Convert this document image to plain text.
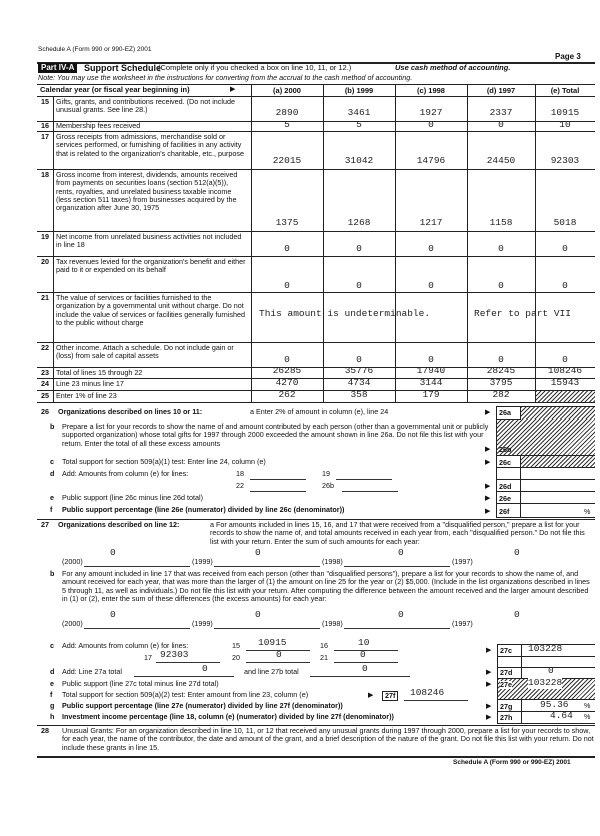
Schedule A (Form 990 or 990-EZ) 2001
Page 3
Part IV-A	Support Schedule
(Complete only if you checked a box on line 10, 11, or 12.)	Use cash method of accounting.
Note: You may use the worksheet in the instructions for converting from the accrual to the cash method of accounting.
Calendar year (or fiscal year beginning in)	▶	(a) 2000	(b) 1999	(c) 1998	(d) 1997	(e) Total
15 Gifts, grants, and contributions received. (Do not include unusual grants. See line 28.)	2890	3461	1927	2337	10915
16 Membership fees received	5	5	0	0	10
17 Gross receipts from admissions, merchandise sold or services performed, or furnishing of facilities in any activity that is related to the organization's charitable, etc., purpose
22015	31042	14796	24450	92303
18 Gross income from interest, dividends, amounts received from payments on securities loans (section 512(a)(5)), rents, royalties, and unrelated business taxable income (less section 511 taxes) from businesses acquired by the organization after June 30, 1975
1375	1268	1217	1158	5018
19 Net income from unrelated business activities not included in line 18	0	0	0	0	0
20 Tax revenues levied for the organization's benefit and either paid to it or expended on its behalf
0	0	0	0	0
21 The value of services or facilities furnished to the organization by a governmental unit without charge. Do not include the value of services or facilities generally furnished to the public without charge
This amount is undeterminable.	Refer to part VII
22 Other income. Attach a schedule. Do not include gain or (loss) from sale of capital assets	0	0	0	0	0
23 Total of lines 15 through 22	26285	35776	17940	28245	108246
24 Line 23 minus line 17	4270	4734	3144	3795	15943
25 Enter 1% of line 23	262	358	179	282
26	Organizations described on lines 10 or 11:	a Enter 2% of amount in column (e), line 24	▶ 26a
b Prepare a list for your records to show the name of and amount contributed by each person (other than a governmental unit or publicly supported organization) whose total gifts for 1997 through 2000 exceeded the amount shown in line 26a. Do not file this list with your return. Enter the total of all these excess amounts
▶ 26b
c Total support for section 509(a)(1) test: Enter line 24, column (e)	▶ 26c
d Add: Amounts from column (e) for lines:	18	19
22	26b	▶ 26d
e Public support (line 26c minus line 26d total)	▶ 26e
f Public support percentage (line 26e (numerator) divided by line 26c (denominator))	▶ 26f	%
27	Organizations described on line 12:	a For amounts included in lines 15, 16, and 17 that were received from a "disqualified person," prepare a list for your records to show the name of, and total amounts received in each year from, each "disqualified person." Do not file this list with your return. Enter the sum of such amounts for each year:
0	0	0	0
(2000)	(1999)	(1998)	(1997)
b For any amount included in line 17 that was received from each person (other than "disqualified persons"), prepare a list for your records to show the name of, and amount received for each year, that was more than the larger of (1) the amount on line 25 for the year or (2) $5,000. (Include in the list organizations described in lines 5 through 11, as well as individuals.) Do not file this list with your return. After computing the difference between the amount received and the larger amount described in (1) or (2), enter the sum of these differences (the excess amounts) for each year:
0	0	0	0
(2000)	(1999)	(1998)	(1997)
c Add: Amounts from column (e) for lines:	15 10915	16	10
17 92303	20	0	21	0	▶ 27c 103228
d Add: Line 27a total	0	and line 27b total	0	▶ 27d	0
e Public support (line 27c total minus line 27d total)	▶ 27e 103228
f Total support for section 509(a)(2) test: Enter amount from line 23, column (e)	▶	27f	108246
g Public support percentage (line 27e (numerator) divided by line 27f (denominator))	▶ 27g	95.36 %
h Investment income percentage (line 18, column (e) (numerator) divided by line 27f (denominator))	▶ 27h	4.64 %
28	Unusual Grants: For an organization described in line 10, 11, or 12 that received any unusual grants during 1997 through 2000, prepare a list for your records to show, for each year, the name of the contributor, the date and amount of the grant, and a brief description of the nature of the grant. Do not file this list with your return. Do not include these grants in line 15.
Schedule A (Form 990 or 990-EZ) 2001
